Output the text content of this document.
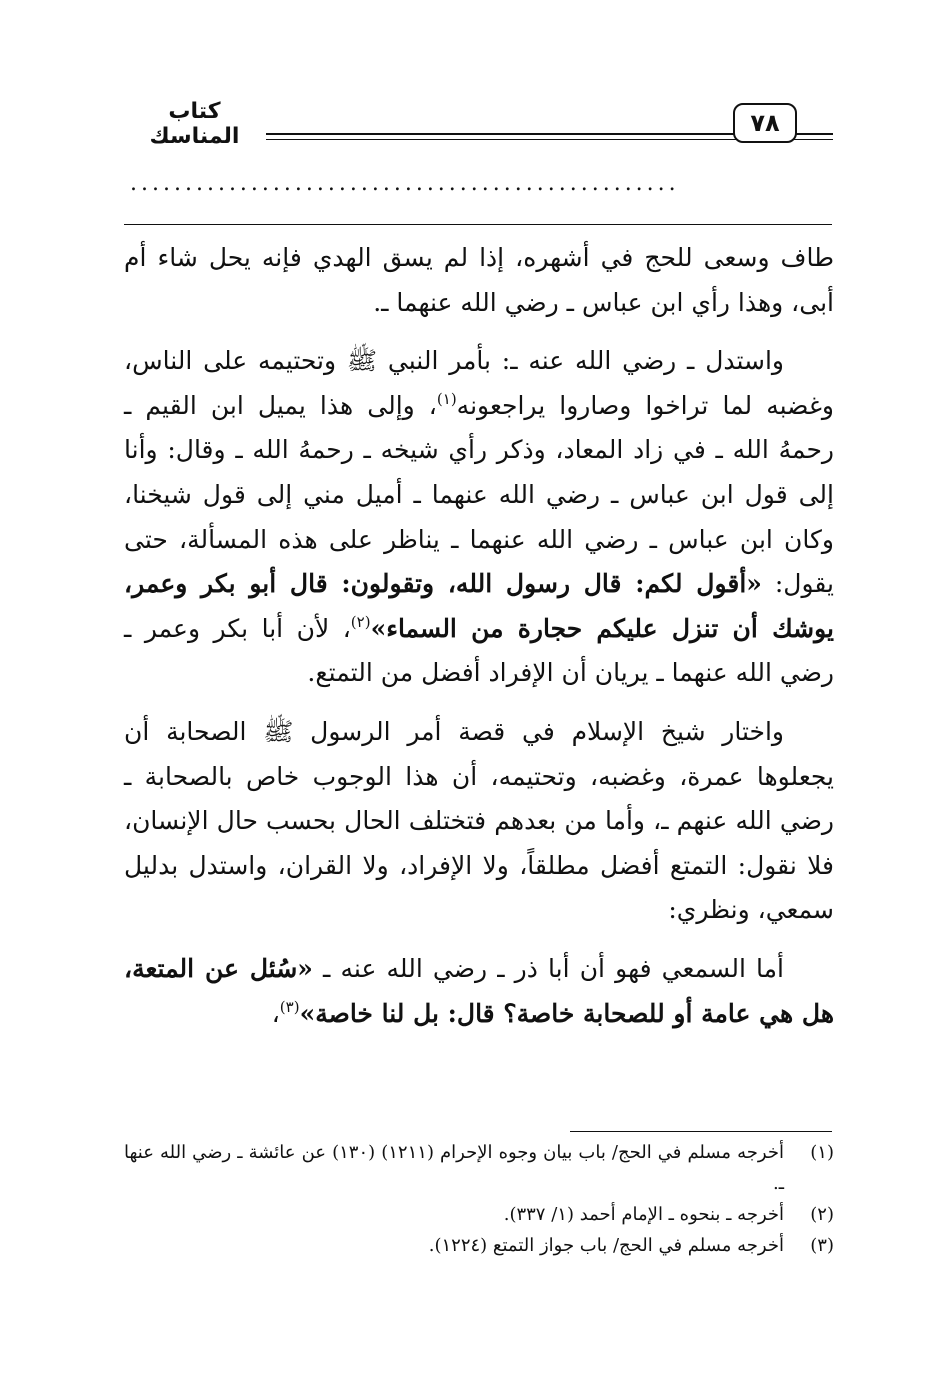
كتاب المناسك	٧٨
..................................................

طاف وسعى للحج في أشهره، إذا لم يسق الهدي فإنه يحل شاء أم أبى، وهذا رأي ابن عباس ـ رضي الله عنهما ـ.

واستدل ـ رضي الله عنه ـ: بأمر النبي ﷺ وتحتيمه على الناس، وغضبه لما تراخوا وصاروا يراجعونه$^{(١)}$، وإلى هذا يميل ابن القيم ـ رحمهُ الله ـ في زاد المعاد، وذكر رأي شيخه ـ رحمهُ الله ـ وقال: وأنا إلى قول ابن عباس ـ رضي الله عنهما ـ أميل مني إلى قول شيخنا، وكان ابن عباس ـ رضي الله عنهما ـ يناظر على هذه المسألة، حتى يقول: «أقول لكم: قال رسول الله، وتقولون: قال أبو بكر وعمر، يوشك أن تنزل عليكم حجارة من السماء»$^{(٢)}$، لأن أبا بكر وعمر ـ رضي الله عنهما ـ يريان أن الإفراد أفضل من التمتع.

واختار شيخ الإسلام في قصة أمر الرسول ﷺ الصحابة أن يجعلوها عمرة، وغضبه، وتحتيمه، أن هذا الوجوب خاص بالصحابة ـ رضي الله عنهم ـ، وأما من بعدهم فتختلف الحال بحسب حال الإنسان، فلا نقول: التمتع أفضل مطلقاً، ولا الإفراد، ولا القران، واستدل بدليل سمعي، ونظري:

أما السمعي فهو أن أبا ذر ـ رضي الله عنه ـ «سُئل عن المتعة، هل هي عامة أو للصحابة خاصة؟ قال: بل لنا خاصة»$^{(٣)}$،

(١)
أخرجه مسلم في الحج/ باب بيان وجوه الإحرام (١٢١١) (١٣٠) عن عائشة ـ رضي الله عنها ـ.
(٢)
أخرجه ـ بنحوه ـ الإمام أحمد (١/ ٣٣٧).
(٣)
أخرجه مسلم في الحج/ باب جواز التمتع (١٢٢٤).
